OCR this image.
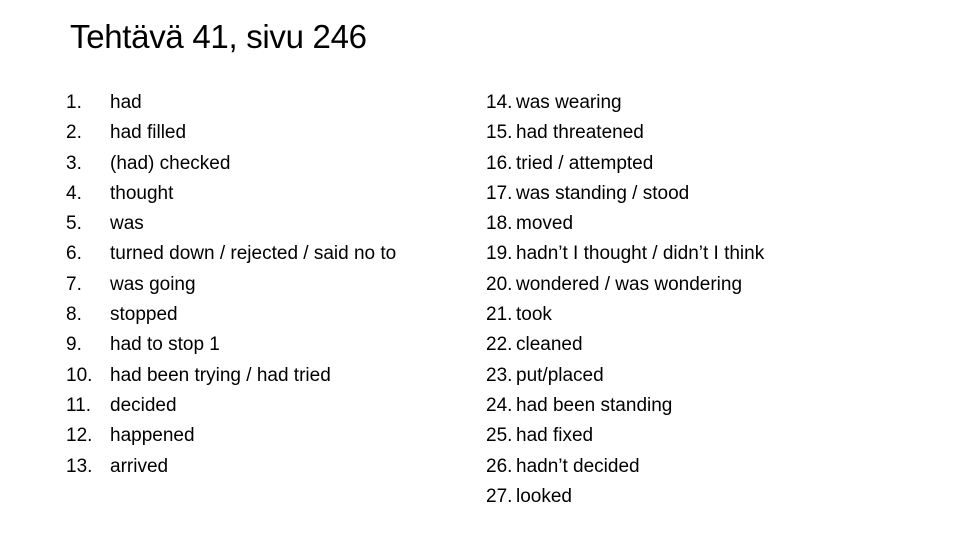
Tehtävä 41, sivu 246
1.	had
2.	had filled
3.	(had) checked
4.	thought
5.	was
6.	turned down / rejected / said no to
7.	was going
8.	stopped
9.	had to stop 1
10. had been trying / had tried
11. decided
12. happened
13. arrived
14. was wearing
15. had threatened
16. tried / attempted
17. was standing / stood
18. moved
19. hadn’t I thought / didn’t I think
20. wondered / was wondering
21. took
22. cleaned
23. put/placed
24. had been standing
25. had fixed
26. hadn’t decided
27. looked
